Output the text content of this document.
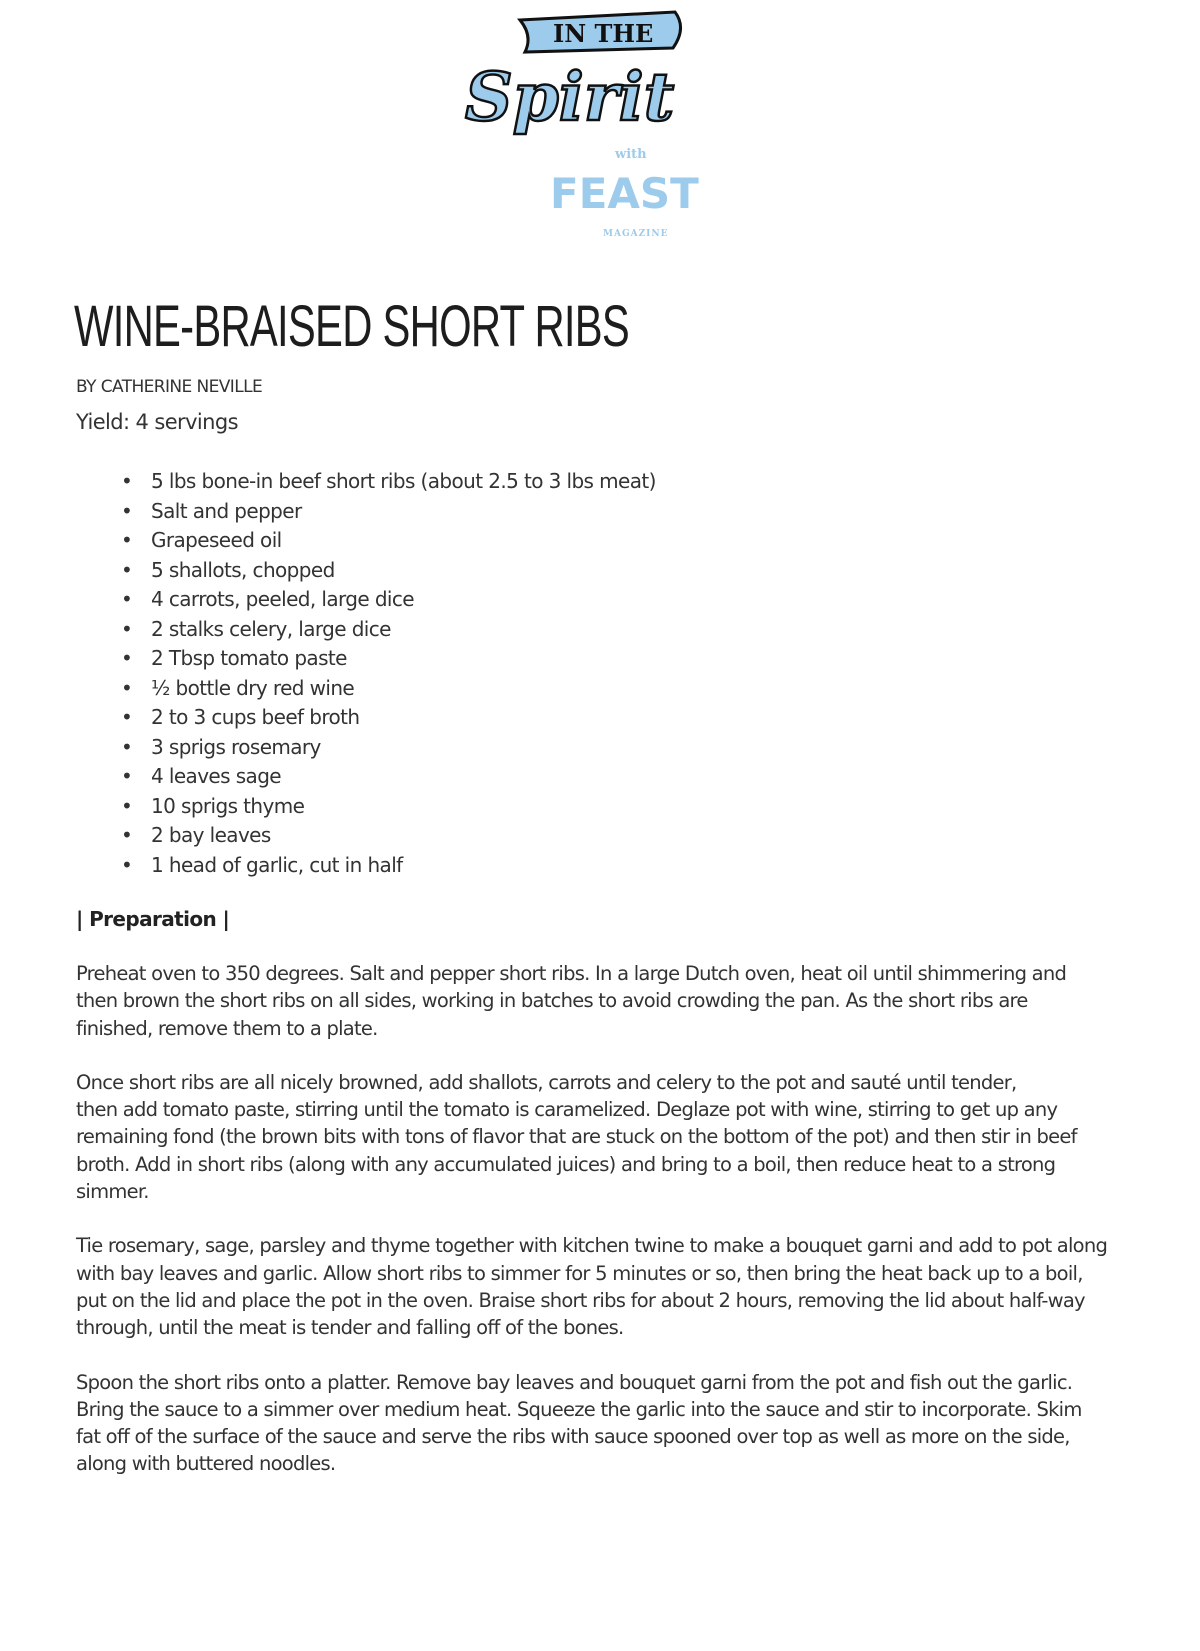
IN THE
Spirit
with
FEAST
MAGAZINE
WINE-BRAISED SHORT RIBS
BY CATHERINE NEVILLE
Yield: 4 servings
• 5 lbs bone-in beef short ribs (about 2.5 to 3 lbs meat)
• Salt and pepper
• Grapeseed oil
• 5 shallots, chopped
• 4 carrots, peeled, large dice
• 2 stalks celery, large dice
• 2 Tbsp tomato paste
• ½ bottle dry red wine
• 2 to 3 cups beef broth
• 3 sprigs rosemary
• 4 leaves sage
• 10 sprigs thyme
• 2 bay leaves
• 1 head of garlic, cut in half
| Preparation |
Preheat oven to 350 degrees. Salt and pepper short ribs. In a large Dutch oven, heat oil until shimmering and
then brown the short ribs on all sides, working in batches to avoid crowding the pan. As the short ribs are
finished, remove them to a plate.
Once short ribs are all nicely browned, add shallots, carrots and celery to the pot and sauté until tender,
then add tomato paste, stirring until the tomato is caramelized. Deglaze pot with wine, stirring to get up any
remaining fond (the brown bits with tons of flavor that are stuck on the bottom of the pot) and then stir in beef
broth. Add in short ribs (along with any accumulated juices) and bring to a boil, then reduce heat to a strong
simmer.
Tie rosemary, sage, parsley and thyme together with kitchen twine to make a bouquet garni and add to pot along
with bay leaves and garlic. Allow short ribs to simmer for 5 minutes or so, then bring the heat back up to a boil,
put on the lid and place the pot in the oven. Braise short ribs for about 2 hours, removing the lid about half-way
through, until the meat is tender and falling off of the bones.
Spoon the short ribs onto a platter. Remove bay leaves and bouquet garni from the pot and fish out the garlic.
Bring the sauce to a simmer over medium heat. Squeeze the garlic into the sauce and stir to incorporate. Skim
fat off of the surface of the sauce and serve the ribs with sauce spooned over top as well as more on the side,
along with buttered noodles.
